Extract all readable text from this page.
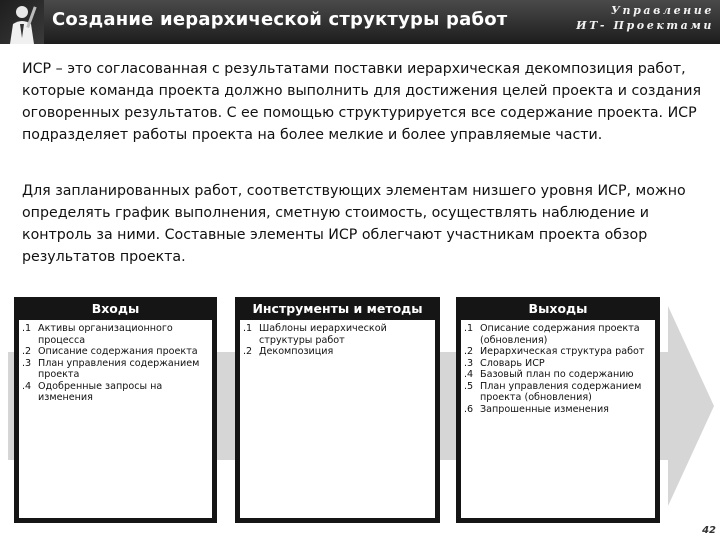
Создание иерархической структуры работ	Управление
ИТ- Проектами
ИСР – это согласованная с результатами поставки иерархическая декомпозиция работ, которые команда проекта должно выполнить для достижения целей проекта и создания оговоренных результатов. С ее помощью структурируется все содержание проекта. ИСР подразделяет работы проекта на более мелкие и более управляемые части.
Для запланированных работ, соответствующих элементам низшего уровня ИСР, можно определять график выполнения, сметную стоимость, осуществлять наблюдение и контроль за ними. Составные элементы ИСР облегчают участникам проекта обзор результатов проекта.
Входы
.1 Активы организационного процесса
.2 Описание содержания проекта
.3 План управления содержанием проекта
.4 Одобренные запросы на изменения
Инструменты и методы
.1 Шаблоны иерархической структуры работ
.2 Декомпозиция
Выходы
.1 Описание содержания проекта (обновления)
.2 Иерархическая структура работ
.3 Словарь ИСР
.4 Базовый план по содержанию
.5 План управления содержанием проекта (обновления)
.6 Запрошенные изменения
42
